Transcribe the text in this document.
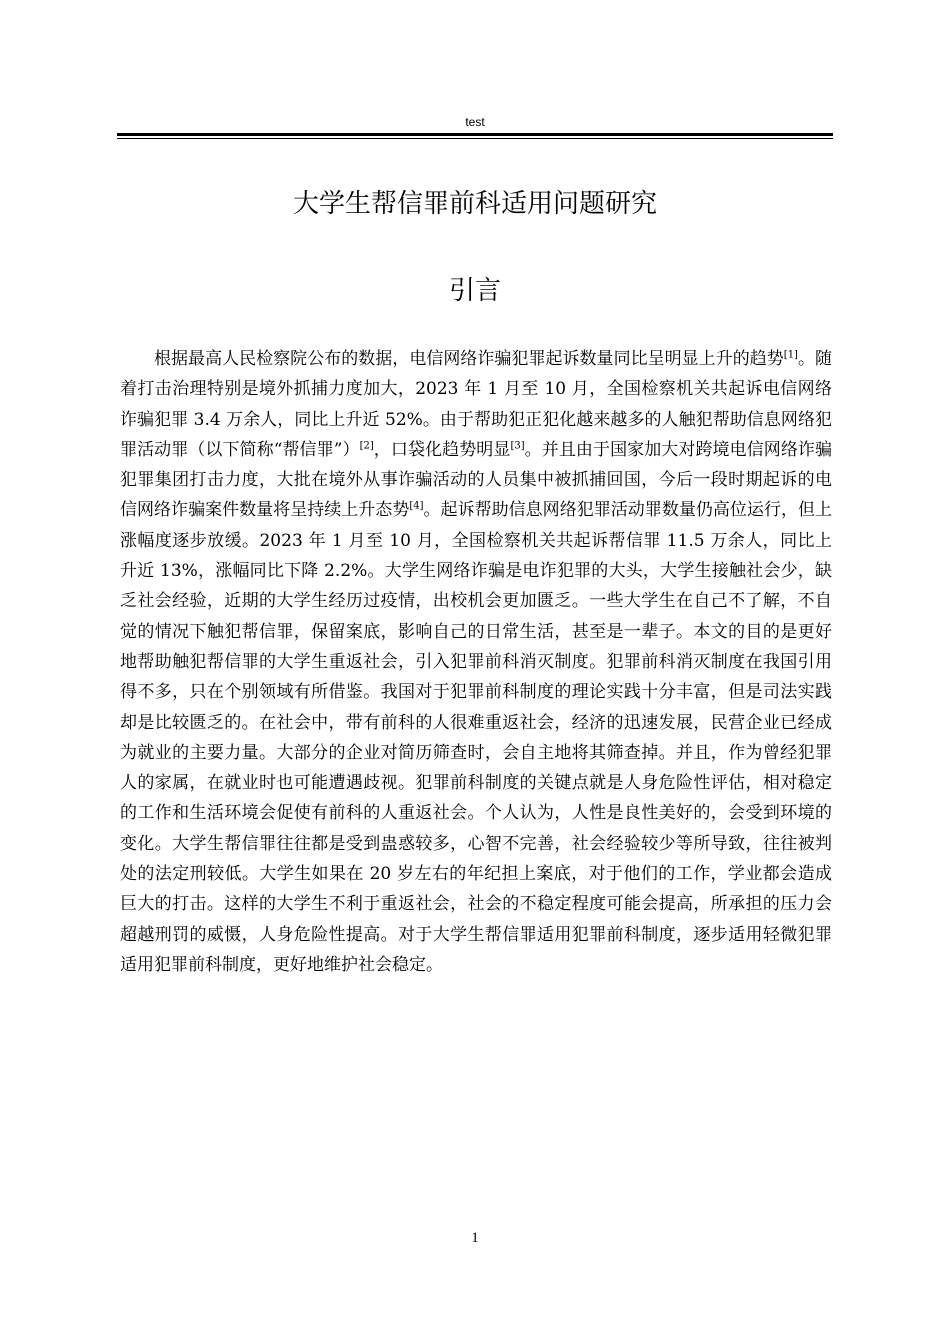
test
大学生帮信罪前科适用问题研究
引言

根据最高人民检察院公布的数据，电信网络诈骗犯罪起诉数量同比呈明显上升的趋势[1]。随着打击治理特别是境外抓捕力度加大，2023 年 1 月至 10 月，全国检察机关共起诉电信网络诈骗犯罪 3.4 万余人，同比上升近 52%。由于帮助犯正犯化越来越多的人触犯帮助信息网络犯罪活动罪（以下简称“帮信罪”）[2]，口袋化趋势明显[3]。并且由于国家加大对跨境电信网络诈骗犯罪集团打击力度，大批在境外从事诈骗活动的人员集中被抓捕回国，今后一段时期起诉的电信网络诈骗案件数量将呈持续上升态势[4]。起诉帮助信息网络犯罪活动罪数量仍高位运行，但上涨幅度逐步放缓。2023 年 1 月至 10 月，全国检察机关共起诉帮信罪 11.5 万余人，同比上升近 13%，涨幅同比下降 2.2%。大学生网络诈骗是电诈犯罪的大头，大学生接触社会少，缺乏社会经验，近期的大学生经历过疫情，出校机会更加匮乏。一些大学生在自己不了解，不自觉的情况下触犯帮信罪，保留案底，影响自己的日常生活，甚至是一辈子。本文的目的是更好地帮助触犯帮信罪的大学生重返社会，引入犯罪前科消灭制度。犯罪前科消灭制度在我国引用得不多，只在个别领域有所借鉴。我国对于犯罪前科制度的理论实践十分丰富，但是司法实践却是比较匮乏的。在社会中，带有前科的人很难重返社会，经济的迅速发展，民营企业已经成为就业的主要力量。大部分的企业对简历筛查时，会自主地将其筛查掉。并且，作为曾经犯罪人的家属，在就业时也可能遭遇歧视。犯罪前科制度的关键点就是人身危险性评估，相对稳定的工作和生活环境会促使有前科的人重返社会。个人认为，人性是良性美好的，会受到环境的变化。大学生帮信罪往往都是受到蛊惑较多，心智不完善，社会经验较少等所导致，往往被判处的法定刑较低。大学生如果在 20 岁左右的年纪担上案底，对于他们的工作，学业都会造成巨大的打击。这样的大学生不利于重返社会，社会的不稳定程度可能会提高，所承担的压力会超越刑罚的威慑，人身危险性提高。对于大学生帮信罪适用犯罪前科制度，逐步适用轻微犯罪适用犯罪前科制度，更好地维护社会稳定。

1
